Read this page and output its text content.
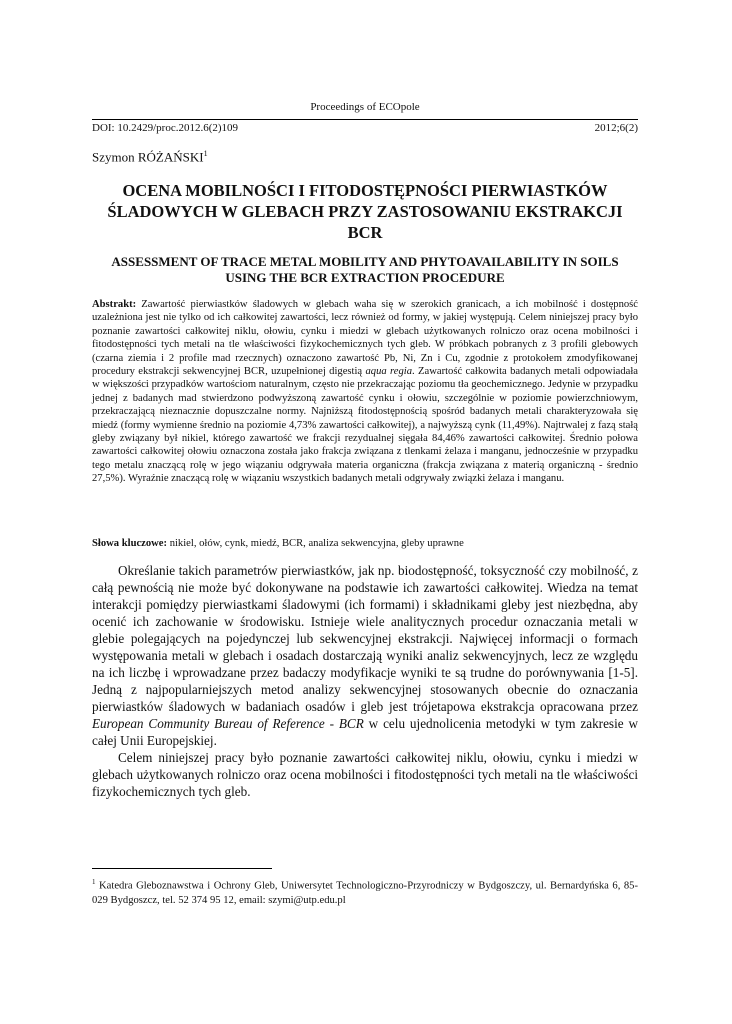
Proceedings of ECOpole
DOI: 10.2429/proc.2012.6(2)109	2012;6(2)
Szymon RÓŻAŃSKI$^1$
OCENA MOBILNOŚCI I FITODOSTĘPNOŚCI PIERWIASTKÓW ŚLADOWYCH W GLEBACH PRZY ZASTOSOWANIU EKSTRAKCJI BCR
ASSESSMENT OF TRACE METAL MOBILITY AND PHYTOAVAILABILITY IN SOILS USING THE BCR EXTRACTION PROCEDURE
Abstrakt: Zawartość pierwiastków śladowych w glebach waha się w szerokich granicach, a ich mobilność i dostępność uzależniona jest nie tylko od ich całkowitej zawartości, lecz również od formy, w jakiej występują. Celem niniejszej pracy było poznanie zawartości całkowitej niklu, ołowiu, cynku i miedzi w glebach użytkowanych rolniczo oraz ocena mobilności i fitodostępności tych metali na tle właściwości fizykochemicznych tych gleb. W próbkach pobranych z 3 profili glebowych (czarna ziemia i 2 profile mad rzecznych) oznaczono zawartość Pb, Ni, Zn i Cu, zgodnie z protokołem zmodyfikowanej procedury ekstrakcji sekwencyjnej BCR, uzupełnionej digestią aqua regia. Zawartość całkowita badanych metali odpowiadała w większości przypadków wartościom naturalnym, często nie przekraczając poziomu tła geochemicznego. Jedynie w przypadku jednej z badanych mad stwierdzono podwyższoną zawartość cynku i ołowiu, szczególnie w poziomie powierzchniowym, przekraczającą nieznacznie dopuszczalne normy. Najniższą fitodostępnością spośród badanych metali charakteryzowała się miedź (formy wymienne średnio na poziomie 4,73% zawartości całkowitej), a najwyższą cynk (11,49%). Najtrwalej z fazą stałą gleby związany był nikiel, którego zawartość we frakcji rezydualnej sięgała 84,46% zawartości całkowitej. Średnio połowa zawartości całkowitej ołowiu oznaczona została jako frakcja związana z tlenkami żelaza i manganu, jednocześnie w przypadku tego metalu znaczącą rolę w jego wiązaniu odgrywała materia organiczna (frakcja związana z materią organiczną - średnio 27,5%). Wyraźnie znaczącą rolę w wiązaniu wszystkich badanych metali odgrywały związki żelaza i manganu.
Słowa kluczowe: nikiel, ołów, cynk, miedź, BCR, analiza sekwencyjna, gleby uprawne

Określanie takich parametrów pierwiastków, jak np. biodostępność, toksyczność czy mobilność, z całą pewnością nie może być dokonywane na podstawie ich zawartości całkowitej. Wiedza na temat interakcji pomiędzy pierwiastkami śladowymi (ich formami) i składnikami gleby jest niezbędna, aby ocenić ich zachowanie w środowisku. Istnieje wiele analitycznych procedur oznaczania metali w glebie polegających na pojedynczej lub sekwencyjnej ekstrakcji. Najwięcej informacji o formach występowania metali w glebach i osadach dostarczają wyniki analiz sekwencyjnych, lecz ze względu na ich liczbę i wprowadzane przez badaczy modyfikacje wyniki te są trudne do porównywania [1-5]. Jedną z najpopularniejszych metod analizy sekwencyjnej stosowanych obecnie do oznaczania pierwiastków śladowych w badaniach osadów i gleb jest trójetapowa ekstrakcja opracowana przez European Community Bureau of Reference - BCR w celu ujednolicenia metodyki w tym zakresie w całej Unii Europejskiej.

Celem niniejszej pracy było poznanie zawartości całkowitej niklu, ołowiu, cynku i miedzi w glebach użytkowanych rolniczo oraz ocena mobilności i fitodostępności tych metali na tle właściwości fizykochemicznych tych gleb.

$^1$ Katedra Gleboznawstwa i Ochrony Gleb, Uniwersytet Technologiczno-Przyrodniczy w Bydgoszczy, ul. Bernardyńska 6, 85-029 Bydgoszcz, tel. 52 374 95 12, email: szymi@utp.edu.pl
